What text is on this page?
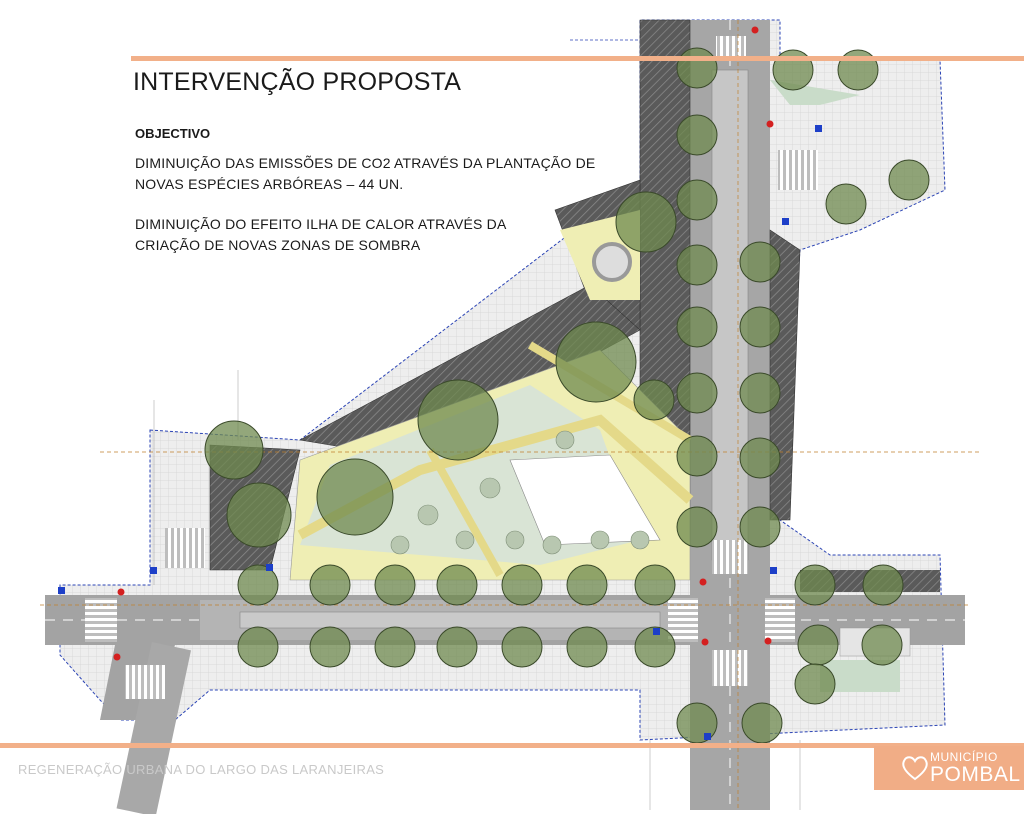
INTERVENÇÃO PROPOSTA
OBJECTIVO
DIMINUIÇÃO DAS EMISSÕES DE CO2 ATRAVÉS DA PLANTAÇÃO DE
NOVAS ESPÉCIES ARBÓREAS – 44 UN.
DIMINUIÇÃO DO EFEITO ILHA DE CALOR ATRAVÉS DA
CRIAÇÃO DE NOVAS ZONAS DE SOMBRA
REGENERAÇÃO URBANA DO LARGO DAS LARANJEIRAS
MUNICÍPIO
POMBAL
